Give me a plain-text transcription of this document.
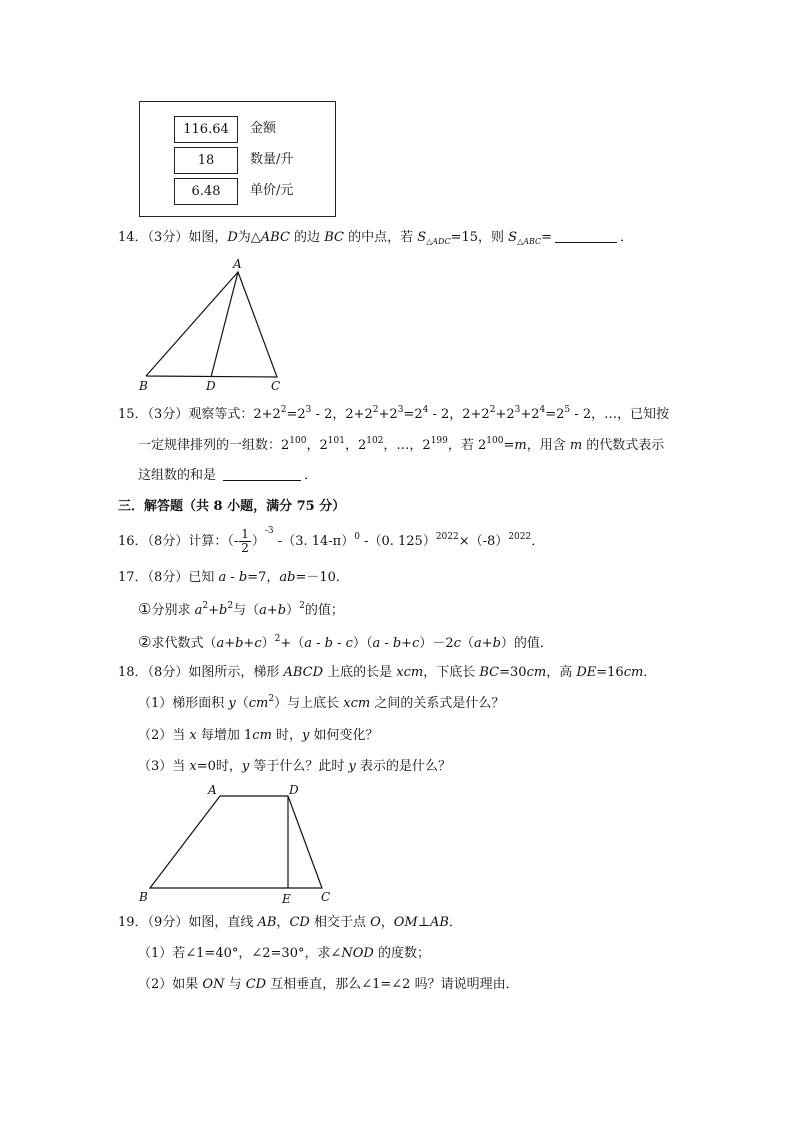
116.64	金额
18	数量/升
6.48	单价/元
14．（3分）如图，D为△ABC 的边 BC 的中点，若 $S_{\triangle ADC}=15$，则 $S_{\triangle ABC}=$	．
A
B	D	C
15．（3分）观察等式：$2+2^2=2^3 - 2$，$2+2^2+2^3=2^4 - 2$，$2+2^2+2^3+2^4=2^5 - 2$，…，已知按
一定规律排列的一组数：$2^{100}$，$2^{101}$，$2^{102}$，…，$2^{199}$，若 $2^{100}=m$，用含 m 的代数式表示
这组数的和是	．
三．解答题（共 8 小题，满分 75 分）
16．（8分）计算：（- $\frac{1}{2} )^{-3}$ -（3. 14-π）$^0$ -（0. $125)^{2022}\times(-8)^{2022}$．
17．（8分）已知 a - b=7，ab=－10．
①分别求 $a^2+b^2$与$(a+b)^2$的值；
②求代数式$(a+b+c)^2+(a - b - c)(a - b+c)-2c(a+b)$的值．
18．（8分）如图所示，梯形 ABCD 上底的长是 xcm，下底长 BC=30cm，高 DE=16cm．
（1）梯形面积 $y(cm^2)$与上底长 xcm 之间的关系式是什么？
（2）当 x 每增加 1cm 时，y 如何变化？
（3）当 x=0时，y 等于什么？此时 y 表示的是什么？
A	D
B	E	C
19．（9分）如图，直线 AB，CD 相交于点 O，OM⊥AB．
（1）若∠1=40°，∠2=30°，求∠NOD 的度数；
（2）如果 ON 与 CD 互相垂直，那么∠1=∠2 吗？请说明理由．
